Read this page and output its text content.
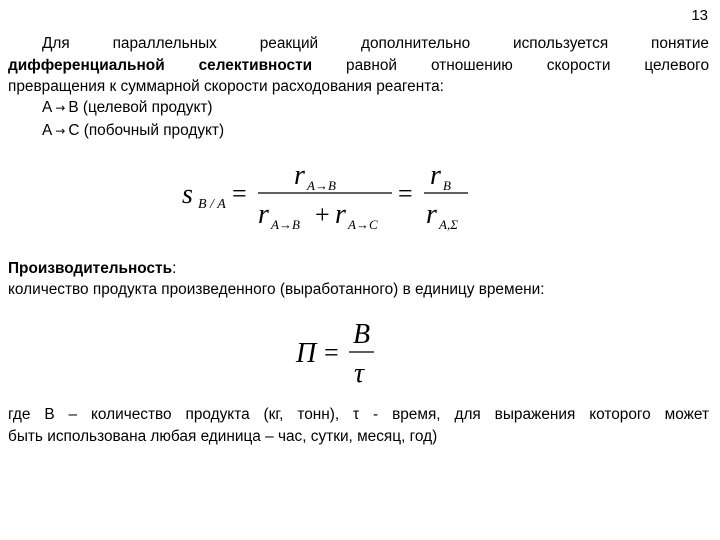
13
Для параллельных реакций дополнительно используется понятие
дифференциальной селективности равной отношению скорости целевого
превращения к суммарной скорости расходования реагента:
A → B (целевой продукт)
A → C (побочный продукт)
s B / A =
r A→B
r A→B + r A→C
=
r B
r A,Σ
Производительность:
количество продукта произведенного (выработанного) в единицу времени:
П =
B
τ
где В – количество продукта (кг, тонн), τ - время, для выражения которого может
быть использована любая единица – час, сутки, месяц, год)
